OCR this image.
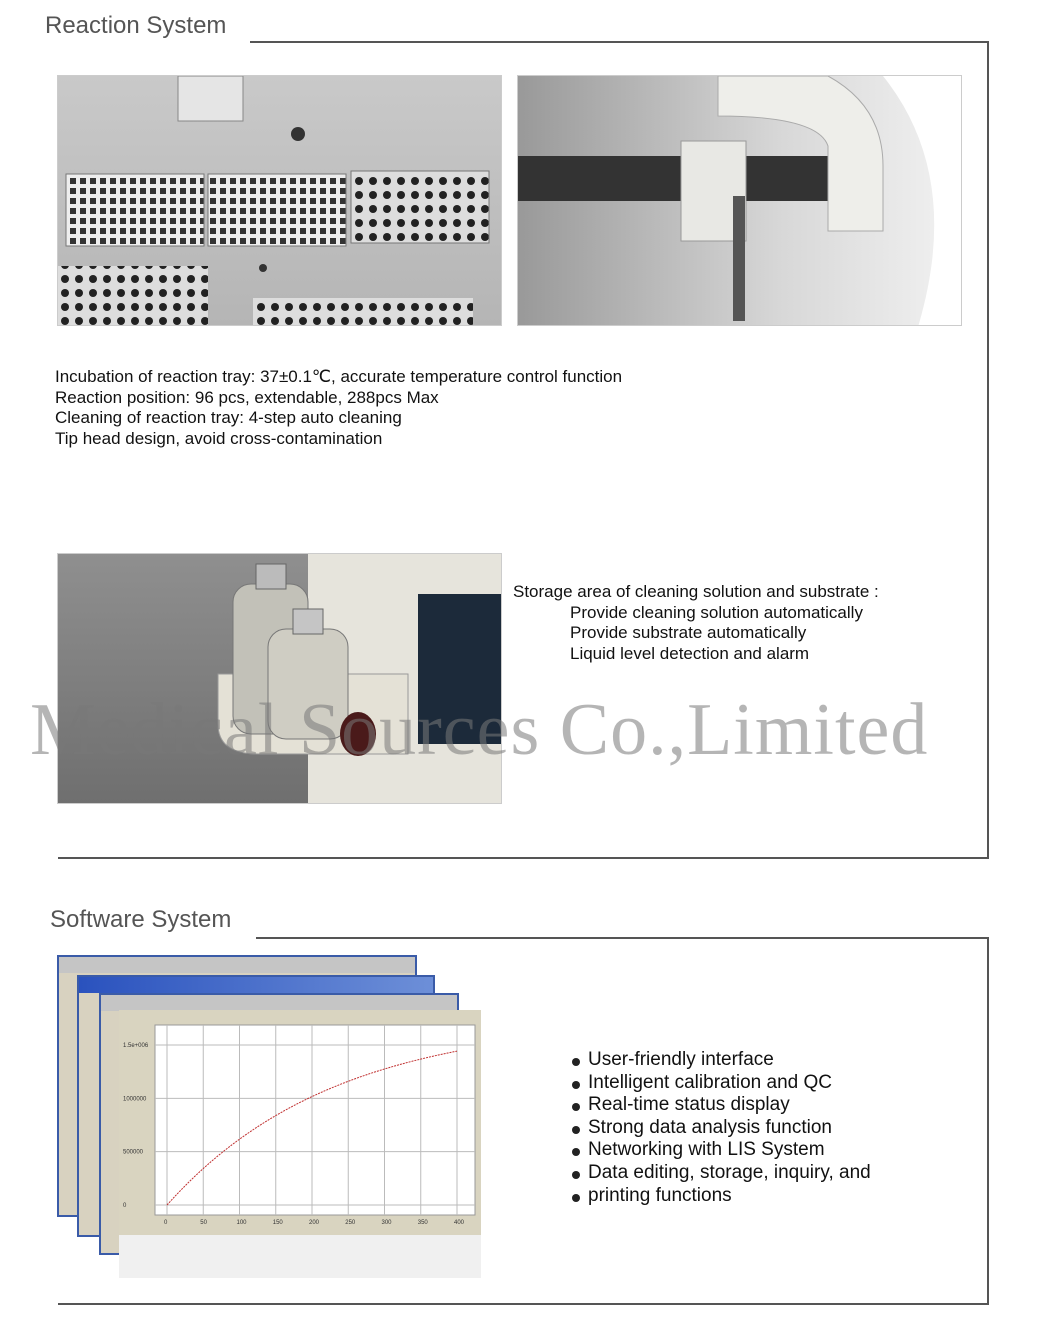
Reaction System
Incubation of reaction tray: 37±0.1℃, accurate temperature control function
Reaction position: 96 pcs, extendable, 288pcs Max
Cleaning of reaction tray: 4-step auto cleaning
Tip head design, avoid cross-contamination
Storage area of cleaning solution and substrate :
Provide cleaning solution automatically
Provide substrate automatically
Liquid level detection and alarm
Software System
0	50	100	150	200	250	300	350	400
0
500000
1000000
1.5e+006
User-friendly interface
Intelligent calibration and QC
Real-time status display
Strong data analysis function
Networking with LIS System
Data editing, storage, inquiry, and
printing functions
Medical Sources Co.,Limited
